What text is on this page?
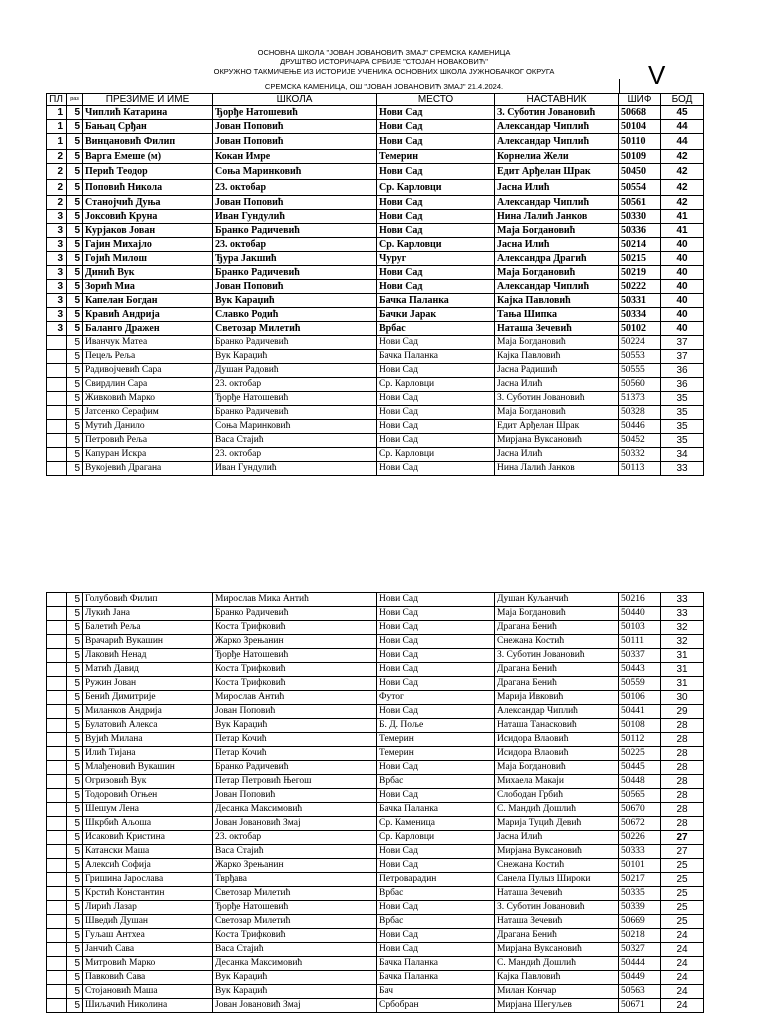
ОСНОВНА ШКОЛА "ЈОВАН ЈОВАНОВИЋ ЗМАЈ" СРЕМСКА КАМЕНИЦА
ДРУШТВО ИСТОРИЧАРА СРБИЈЕ "СТОЈАН НОВАКОВИЋ"
ОКРУЖНО ТАКМИЧЕЊЕ ИЗ ИСТОРИЈЕ УЧЕНИКА ОСНОВНИХ ШКОЛА ЈУЖНОБАЧКОГ ОКРУГА
СРЕМСКА КАМЕНИЦА, ОШ "ЈОВАН ЈОВАНОВИЋ ЗМАЈ" 21.4.2024.	V
ПЛ	раз	ПРЕЗИМЕ И ИМЕ	ШКОЛА	МЕСТО	НАСТАВНИК	ШИФ	БОД
1	5	Чиплић Катарина	Ђорђе Натошевић	Нови Сад	З. Суботин Јовановић	50668	45
1	5	Бањац Срђан	Јован Поповић	Нови Сад	Александар Чиплић	50104	44
1	5	Винцановић Филип	Јован Поповић	Нови Сад	Александар Чиплић	50110	44
2	5	Варга Емеше (м)	Кокан Имре	Темерин	Корнелиа Жели	50109	42
2	5	Перић Теодор	Соња Маринковић	Нови Сад	Едит Арђелан Шрак	50450	42
2	5	Поповић Никола	23. октобар	Ср. Карловци	Јасна Илић	50554	42
2	5	Станојчић Дуња	Јован Поповић	Нови Сад	Александар Чиплић	50561	42
3	5	Јоксовић Круна	Иван Гундулић	Нови Сад	Нина Лалић Јанков	50330	41
3	5	Курјаков Јован	Бранко Радичевић	Нови Сад	Маја Богдановић	50336	41
3	5	Гајин Михајло	23. октобар	Ср. Карловци	Јасна Илић	50214	40
3	5	Гојић Милош	Ђура Јакшић	Чуруг	Александра Драгић	50215	40
3	5	Динић Вук	Бранко Радичевић	Нови Сад	Маја Богдановић	50219	40
3	5	Зорић Миа	Јован Поповић	Нови Сад	Александар Чиплић	50222	40
3	5	Капелан Богдан	Вук Караџић	Бачка Паланка	Кајка Павловић	50331	40
3	5	Кравић Андрија	Славко Родић	Бачки Јарак	Тања Шипка	50334	40
3	5	Баланго Дражен	Светозар Милетић	Врбас	Наташа Зечевић	50102	40
	5	Иванчук Матеа	Бранко Радичевић	Нови Сад	Маја Богдановић	50224	37
	5	Пецељ Реља	Вук Караџић	Бачка Паланка	Кајка Павловић	50553	37
	5	Радивојчевић Сара	Душан Радовић	Нови Сад	Јасна Радишић	50555	36
	5	Свирдлин Сара	23. октобар	Ср. Карловци	Јасна Илић	50560	36
	5	Живковић Марко	Ђорђе Натошевић	Нови Сад	З. Суботин Јовановић	51373	35
	5	Јатсенко Серафим	Бранко Радичевић	Нови Сад	Маја Богдановић	50328	35
	5	Мутић Данило	Соња Маринковић	Нови Сад	Едит Арђелан Шрак	50446	35
	5	Петровић Реља	Васа Стајић	Нови Сад	Мирјана Вуксановић	50452	35
	5	Капуран Искра	23. октобар	Ср. Карловци	Јасна Илић	50332	34
	5	Вукојевић Драгана	Иван Гундулић	Нови Сад	Нина Лалић Јанков	50113	33
	5	Голубовић Филип	Мирослав Мика Антић	Нови Сад	Душан Куљанчић	50216	33
	5	Лукић Јана	Бранко Радичевић	Нови Сад	Маја Богдановић	50440	33
	5	Балетић Реља	Коста Трифковић	Нови Сад	Драгана Бенић	50103	32
	5	Врачарић Вукашин	Жарко Зрењанин	Нови Сад	Снежана Костић	50111	32
	5	Лаковић Ненад	Ђорђе Натошевић	Нови Сад	З. Суботин Јовановић	50337	31
	5	Матић Давид	Коста Трифковић	Нови Сад	Драгана Бенић	50443	31
	5	Ружин Јован	Коста Трифковић	Нови Сад	Драгана Бенић	50559	31
	5	Бенић Димитрије	Мирослав Антић	Футог	Марија Ивковић	50106	30
	5	Миланков Андрија	Јован Поповић	Нови Сад	Александар Чиплић	50441	29
	5	Булатовић Алекса	Вук Караџић	Б. Д. Поље	Наташа Танасковић	50108	28
	5	Вујић Милана	Петар Кочић	Темерин	Исидора Влаовић	50112	28
	5	Илић Тијана	Петар Кочић	Темерин	Исидора Влаовић	50225	28
	5	Млађеновић Вукашин	Бранко Радичевић	Нови Сад	Маја Богдановић	50445	28
	5	Огризовић Вук	Петар Петровић Његош	Врбас	Михаела Макаји	50448	28
	5	Тодоровић Огњен	Јован Поповић	Нови Сад	Слободан Грбић	50565	28
	5	Шешум Лена	Десанка Максимовић	Бачка Паланка	С. Мандић Дошлић	50670	28
	5	Шкрбић Аљоша	Јован Јовановић Змај	Ср. Каменица	Марија Туцић Девић	50672	28
	5	Исаковић Кристина	23. октобар	Ср. Карловци	Јасна Илић	50226	27
	5	Катански Маша	Васа Стајић	Нови Сад	Мирјана Вуксановић	50333	27
	5	Алексић Софија	Жарко Зрењанин	Нови Сад	Снежана Костић	50101	25
	5	Гришина Јарослава	Тврђава	Петроварадин	Санела Пулыз Широки	50217	25
	5	Крстић Константин	Светозар Милетић	Врбас	Наташа Зечевић	50335	25
	5	Лирић Лазар	Ђорђе Натошевић	Нови Сад	З. Суботин Јовановић	50339	25
	5	Шведић Душан	Светозар Милетић	Врбас	Наташа Зечевић	50669	25
	5	Гуљаш Антхеа	Коста Трифковић	Нови Сад	Драгана Бенић	50218	24
	5	Јанчић Сава	Васа Стајић	Нови Сад	Мирјана Вуксановић	50327	24
	5	Митровић Марко	Десанка Максимовић	Бачка Паланка	С. Мандић Дошлић	50444	24
	5	Павковић Сава	Вук Караџић	Бачка Паланка	Кајка Павловић	50449	24
	5	Стојановић Маша	Вук Караџић	Бач	Милан Кончар	50563	24
	5	Шиљачић Николина	Јован Јовановић Змај	Србобран	Мирјана Шегуљев	50671	24
